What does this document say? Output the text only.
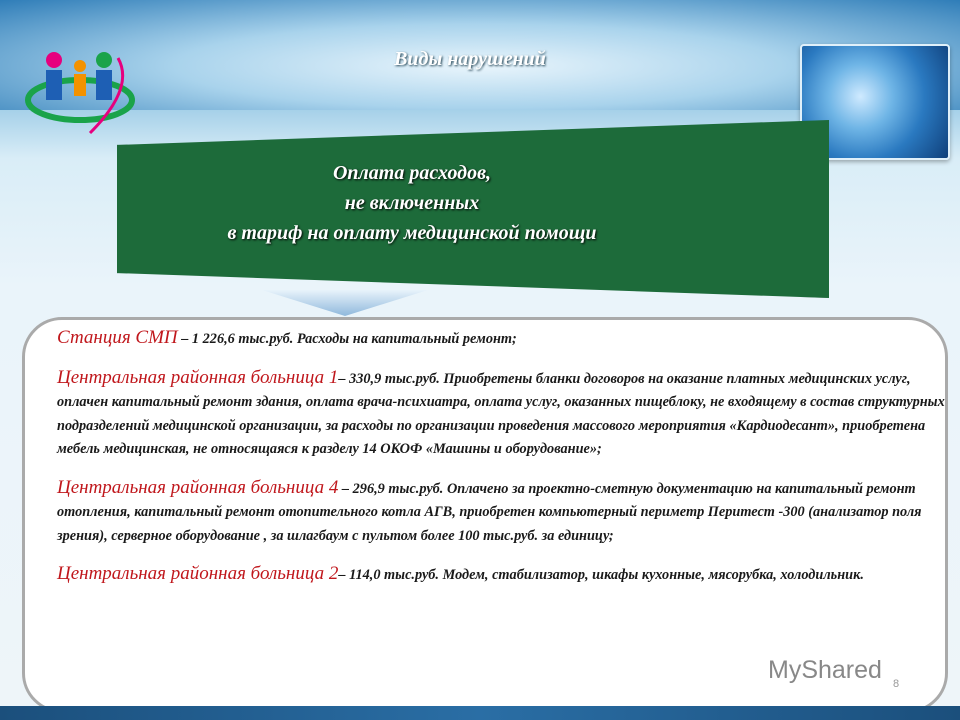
Виды нарушений
Оплата расходов,
не включенных
в тариф на оплату медицинской помощи

Станция СМП – 1 226,6 тыс.руб. Расходы на капитальный ремонт;

Центральная районная больница 1– 330,9 тыс.руб. Приобретены бланки договоров на оказание платных медицинских услуг, оплачен капитальный ремонт здания, оплата врача-психиатра, оплата услуг, оказанных пищеблоку, не входящему в состав структурных подразделений медицинской организации, за расходы по организации проведения массового мероприятия «Кардиодесант», приобретена мебель медицинская, не относящаяся к разделу 14 ОКОФ «Машины и оборудование»;

Центральная районная больница 4 – 296,9 тыс.руб. Оплачено за проектно-сметную документацию на капитальный ремонт отопления, капитальный ремонт отопительного котла АГВ, приобретен компьютерный периметр Перитест -300 (анализатор поля зрения), серверное оборудование , за шлагбаум с пультом более 100 тыс.руб. за единицу;

Центральная районная больница 2– 114,0 тыс.руб. Модем, стабилизатор, шкафы кухонные, мясорубка, холодильник.

MyShared 8
